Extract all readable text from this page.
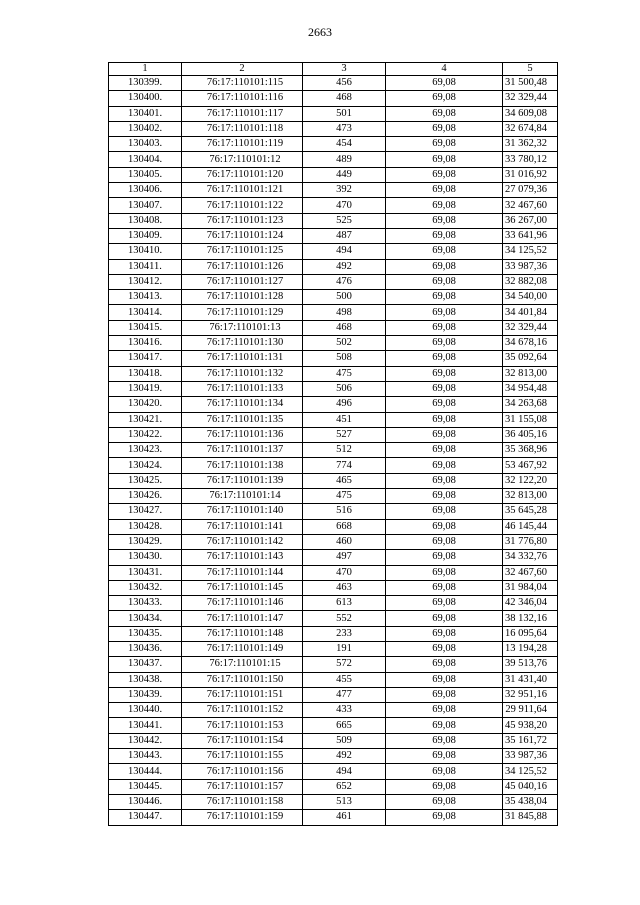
2663
1	2	3	4	5
130399.	76:17:110101:115	456	69,08	31 500,48
130400.	76:17:110101:116	468	69,08	32 329,44
130401.	76:17:110101:117	501	69,08	34 609,08
130402.	76:17:110101:118	473	69,08	32 674,84
130403.	76:17:110101:119	454	69,08	31 362,32
130404.	76:17:110101:12	489	69,08	33 780,12
130405.	76:17:110101:120	449	69,08	31 016,92
130406.	76:17:110101:121	392	69,08	27 079,36
130407.	76:17:110101:122	470	69,08	32 467,60
130408.	76:17:110101:123	525	69,08	36 267,00
130409.	76:17:110101:124	487	69,08	33 641,96
130410.	76:17:110101:125	494	69,08	34 125,52
130411.	76:17:110101:126	492	69,08	33 987,36
130412.	76:17:110101:127	476	69,08	32 882,08
130413.	76:17:110101:128	500	69,08	34 540,00
130414.	76:17:110101:129	498	69,08	34 401,84
130415.	76:17:110101:13	468	69,08	32 329,44
130416.	76:17:110101:130	502	69,08	34 678,16
130417.	76:17:110101:131	508	69,08	35 092,64
130418.	76:17:110101:132	475	69,08	32 813,00
130419.	76:17:110101:133	506	69,08	34 954,48
130420.	76:17:110101:134	496	69,08	34 263,68
130421.	76:17:110101:135	451	69,08	31 155,08
130422.	76:17:110101:136	527	69,08	36 405,16
130423.	76:17:110101:137	512	69,08	35 368,96
130424.	76:17:110101:138	774	69,08	53 467,92
130425.	76:17:110101:139	465	69,08	32 122,20
130426.	76:17:110101:14	475	69,08	32 813,00
130427.	76:17:110101:140	516	69,08	35 645,28
130428.	76:17:110101:141	668	69,08	46 145,44
130429.	76:17:110101:142	460	69,08	31 776,80
130430.	76:17:110101:143	497	69,08	34 332,76
130431.	76:17:110101:144	470	69,08	32 467,60
130432.	76:17:110101:145	463	69,08	31 984,04
130433.	76:17:110101:146	613	69,08	42 346,04
130434.	76:17:110101:147	552	69,08	38 132,16
130435.	76:17:110101:148	233	69,08	16 095,64
130436.	76:17:110101:149	191	69,08	13 194,28
130437.	76:17:110101:15	572	69,08	39 513,76
130438.	76:17:110101:150	455	69,08	31 431,40
130439.	76:17:110101:151	477	69,08	32 951,16
130440.	76:17:110101:152	433	69,08	29 911,64
130441.	76:17:110101:153	665	69,08	45 938,20
130442.	76:17:110101:154	509	69,08	35 161,72
130443.	76:17:110101:155	492	69,08	33 987,36
130444.	76:17:110101:156	494	69,08	34 125,52
130445.	76:17:110101:157	652	69,08	45 040,16
130446.	76:17:110101:158	513	69,08	35 438,04
130447.	76:17:110101:159	461	69,08	31 845,88
